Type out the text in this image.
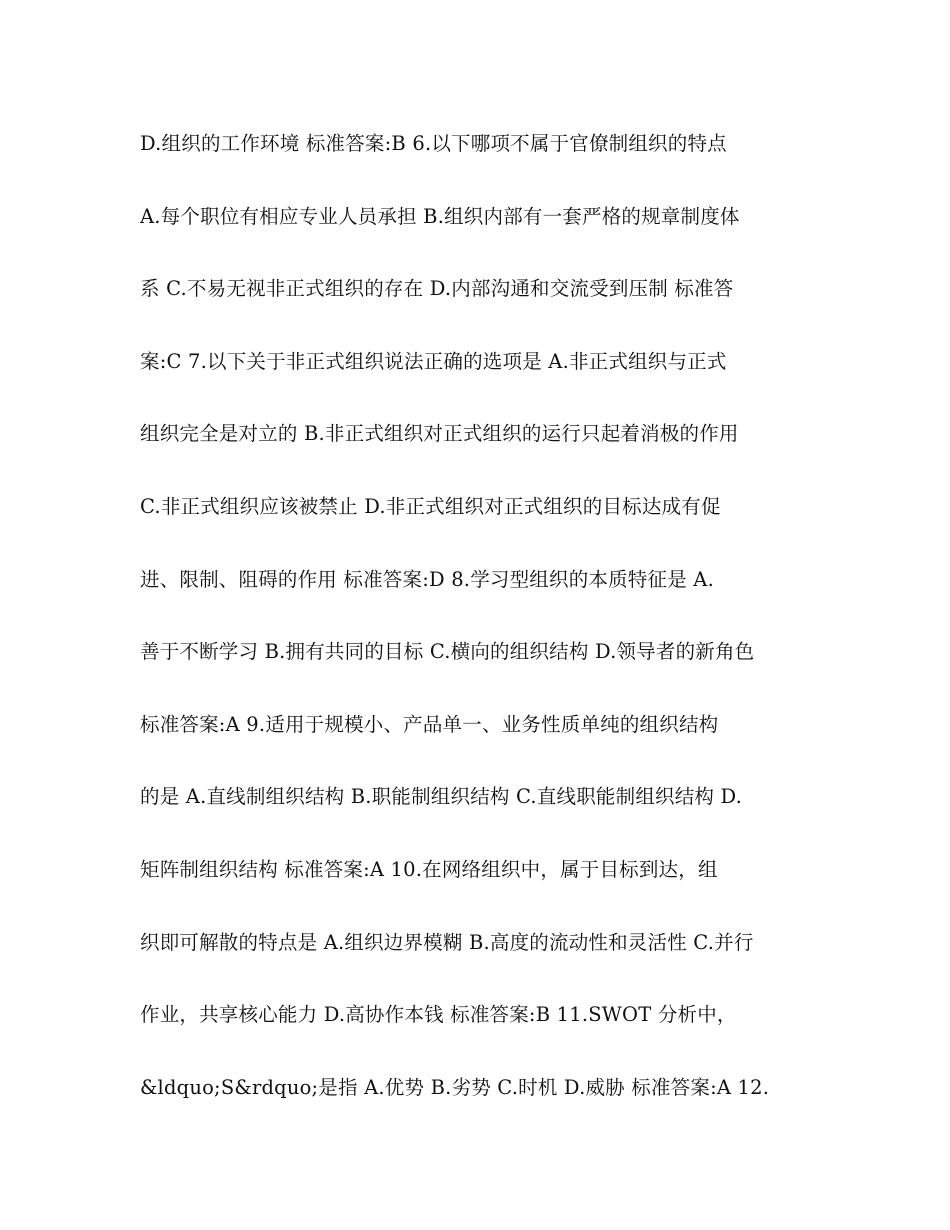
D.组织的工作环境 标准答案:B 6.以下哪项不属于官僚制组织的特点
A.每个职位有相应专业人员承担 B.组织内部有一套严格的规章制度体
系 C.不易无视非正式组织的存在 D.内部沟通和交流受到压制 标准答
案:C 7.以下关于非正式组织说法正确的选项是 A.非正式组织与正式
组织完全是对立的 B.非正式组织对正式组织的运行只起着消极的作用
C.非正式组织应该被禁止 D.非正式组织对正式组织的目标达成有促
进、限制、阻碍的作用 标准答案:D 8.学习型组织的本质特征是 A.
善于不断学习 B.拥有共同的目标 C.横向的组织结构 D.领导者的新角色
标准答案:A 9.适用于规模小、产品单一、业务性质单纯的组织结构
的是 A.直线制组织结构 B.职能制组织结构 C.直线职能制组织结构 D.
矩阵制组织结构 标准答案:A 10.在网络组织中，属于目标到达，组
织即可解散的特点是 A.组织边界模糊 B.高度的流动性和灵活性 C.并行
作业，共享核心能力 D.高协作本钱 标准答案:B 11.SWOT 分析中，
&ldquo;S&rdquo;是指 A.优势 B.劣势 C.时机 D.威胁 标准答案:A 12.
